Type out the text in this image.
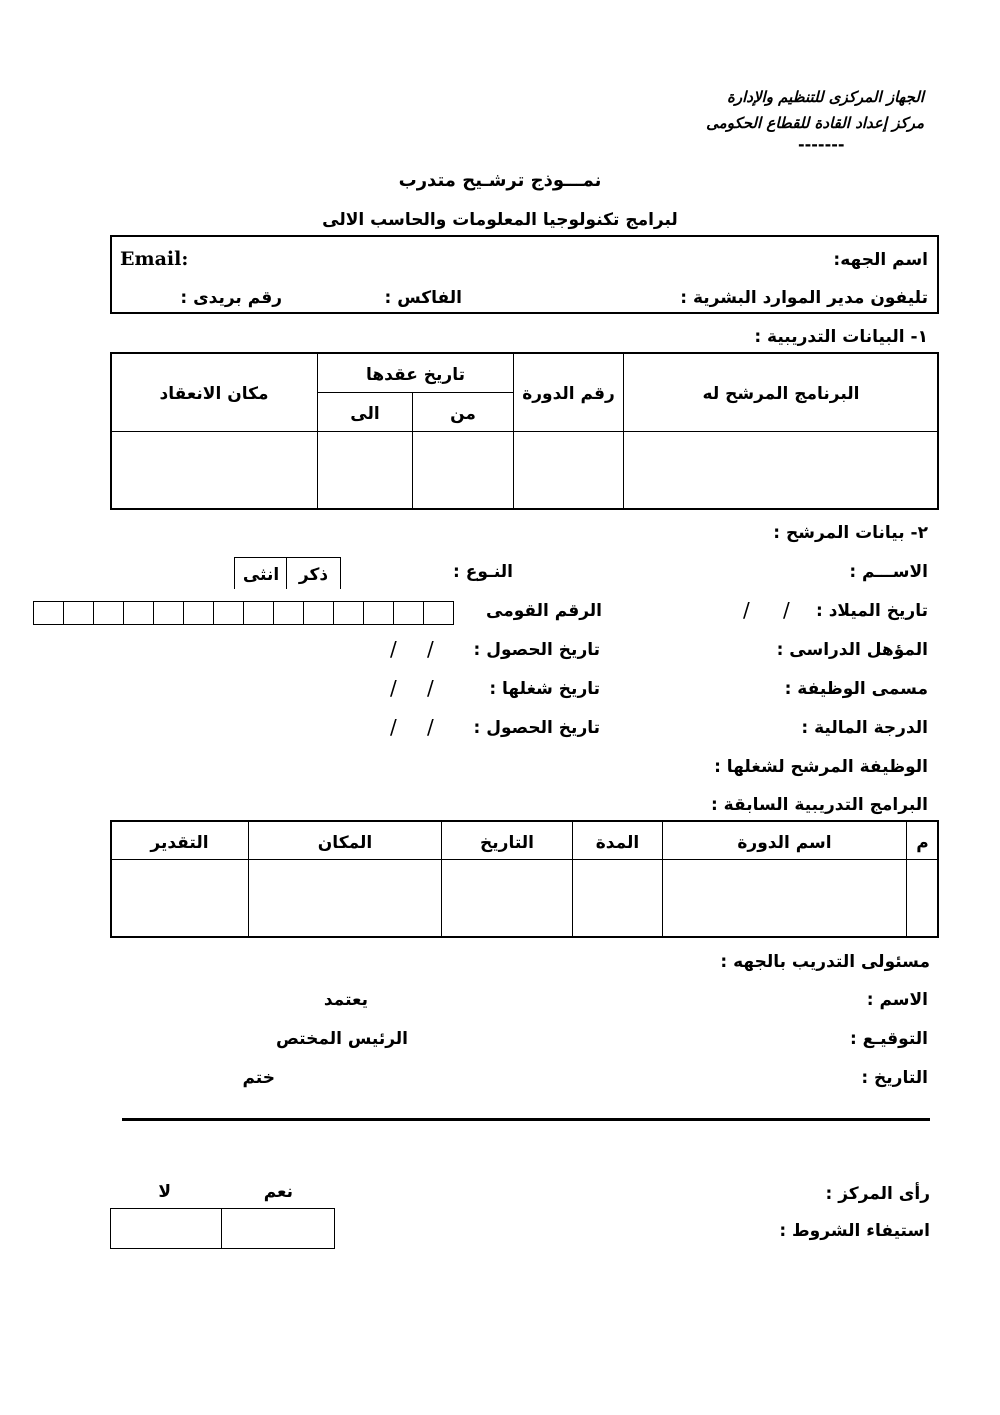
الجهاز المركزى للتنظيم والإدارة
مركز إعداد القادة للقطاع الحكومى
-------
نمـــوذج ترشـيح متدرب
لبرامج تكنولوجيا المعلومات والحاسب الالى
اسم الجهه:
Email:
تليفون مدير الموارد البشرية :
الفاكس :
رقم بريدى :
١- البيانات التدريبية :
البرنامج المرشح له
رقم الدورة
تاريخ عقدها
من
الى
مكان الانعقاد
٢- بيانات المرشح :
الاســـم :
النـوع :
ذكر
انثى
تاريخ الميلاد :
/
/
الرقم القومى
المؤهل الدراسى :
تاريخ الحصول :
/
/
مسمى الوظيفة :
تاريخ شغلها :
/
/
الدرجة المالية :
تاريخ الحصول :
/
/
الوظيفة المرشح لشغلها :
البرامج التدريبية السابقة :
م
اسم الدورة
المدة
التاريخ
المكان
التقدير
مسئولى التدريب بالجهه :
الاسم :
يعتمد
التوقيـع :
الرئيس المختص
التاريخ :
ختم
رأى المركز :
نعم
لا
استيفاء الشروط :
